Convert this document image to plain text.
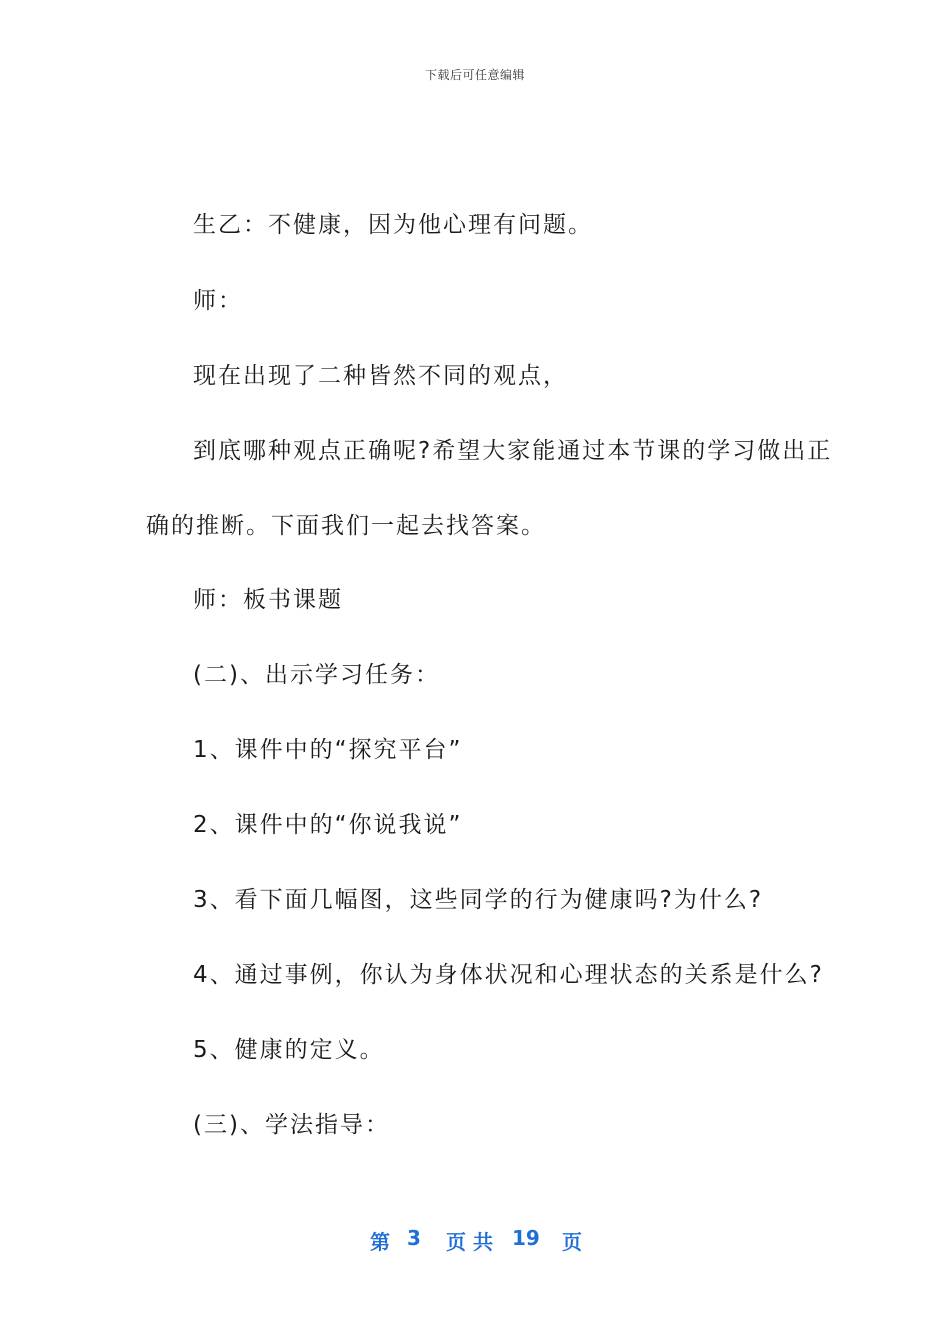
下载后可任意编辑
生乙：不健康，因为他心理有问题。
师：
现在出现了二种皆然不同的观点，
到底哪种观点正确呢?希望大家能通过本节课的学习做出正
确的推断。下面我们一起去找答案。
师：板书课题
(二)、出示学习任务：
1、课件中的“探究平台”
2、课件中的“你说我说”
3、看下面几幅图，这些同学的行为健康吗?为什么?
4、通过事例，你认为身体状况和心理状态的关系是什么?
5、健康的定义。
(三)、学法指导：
第 3 页 共 19 页
